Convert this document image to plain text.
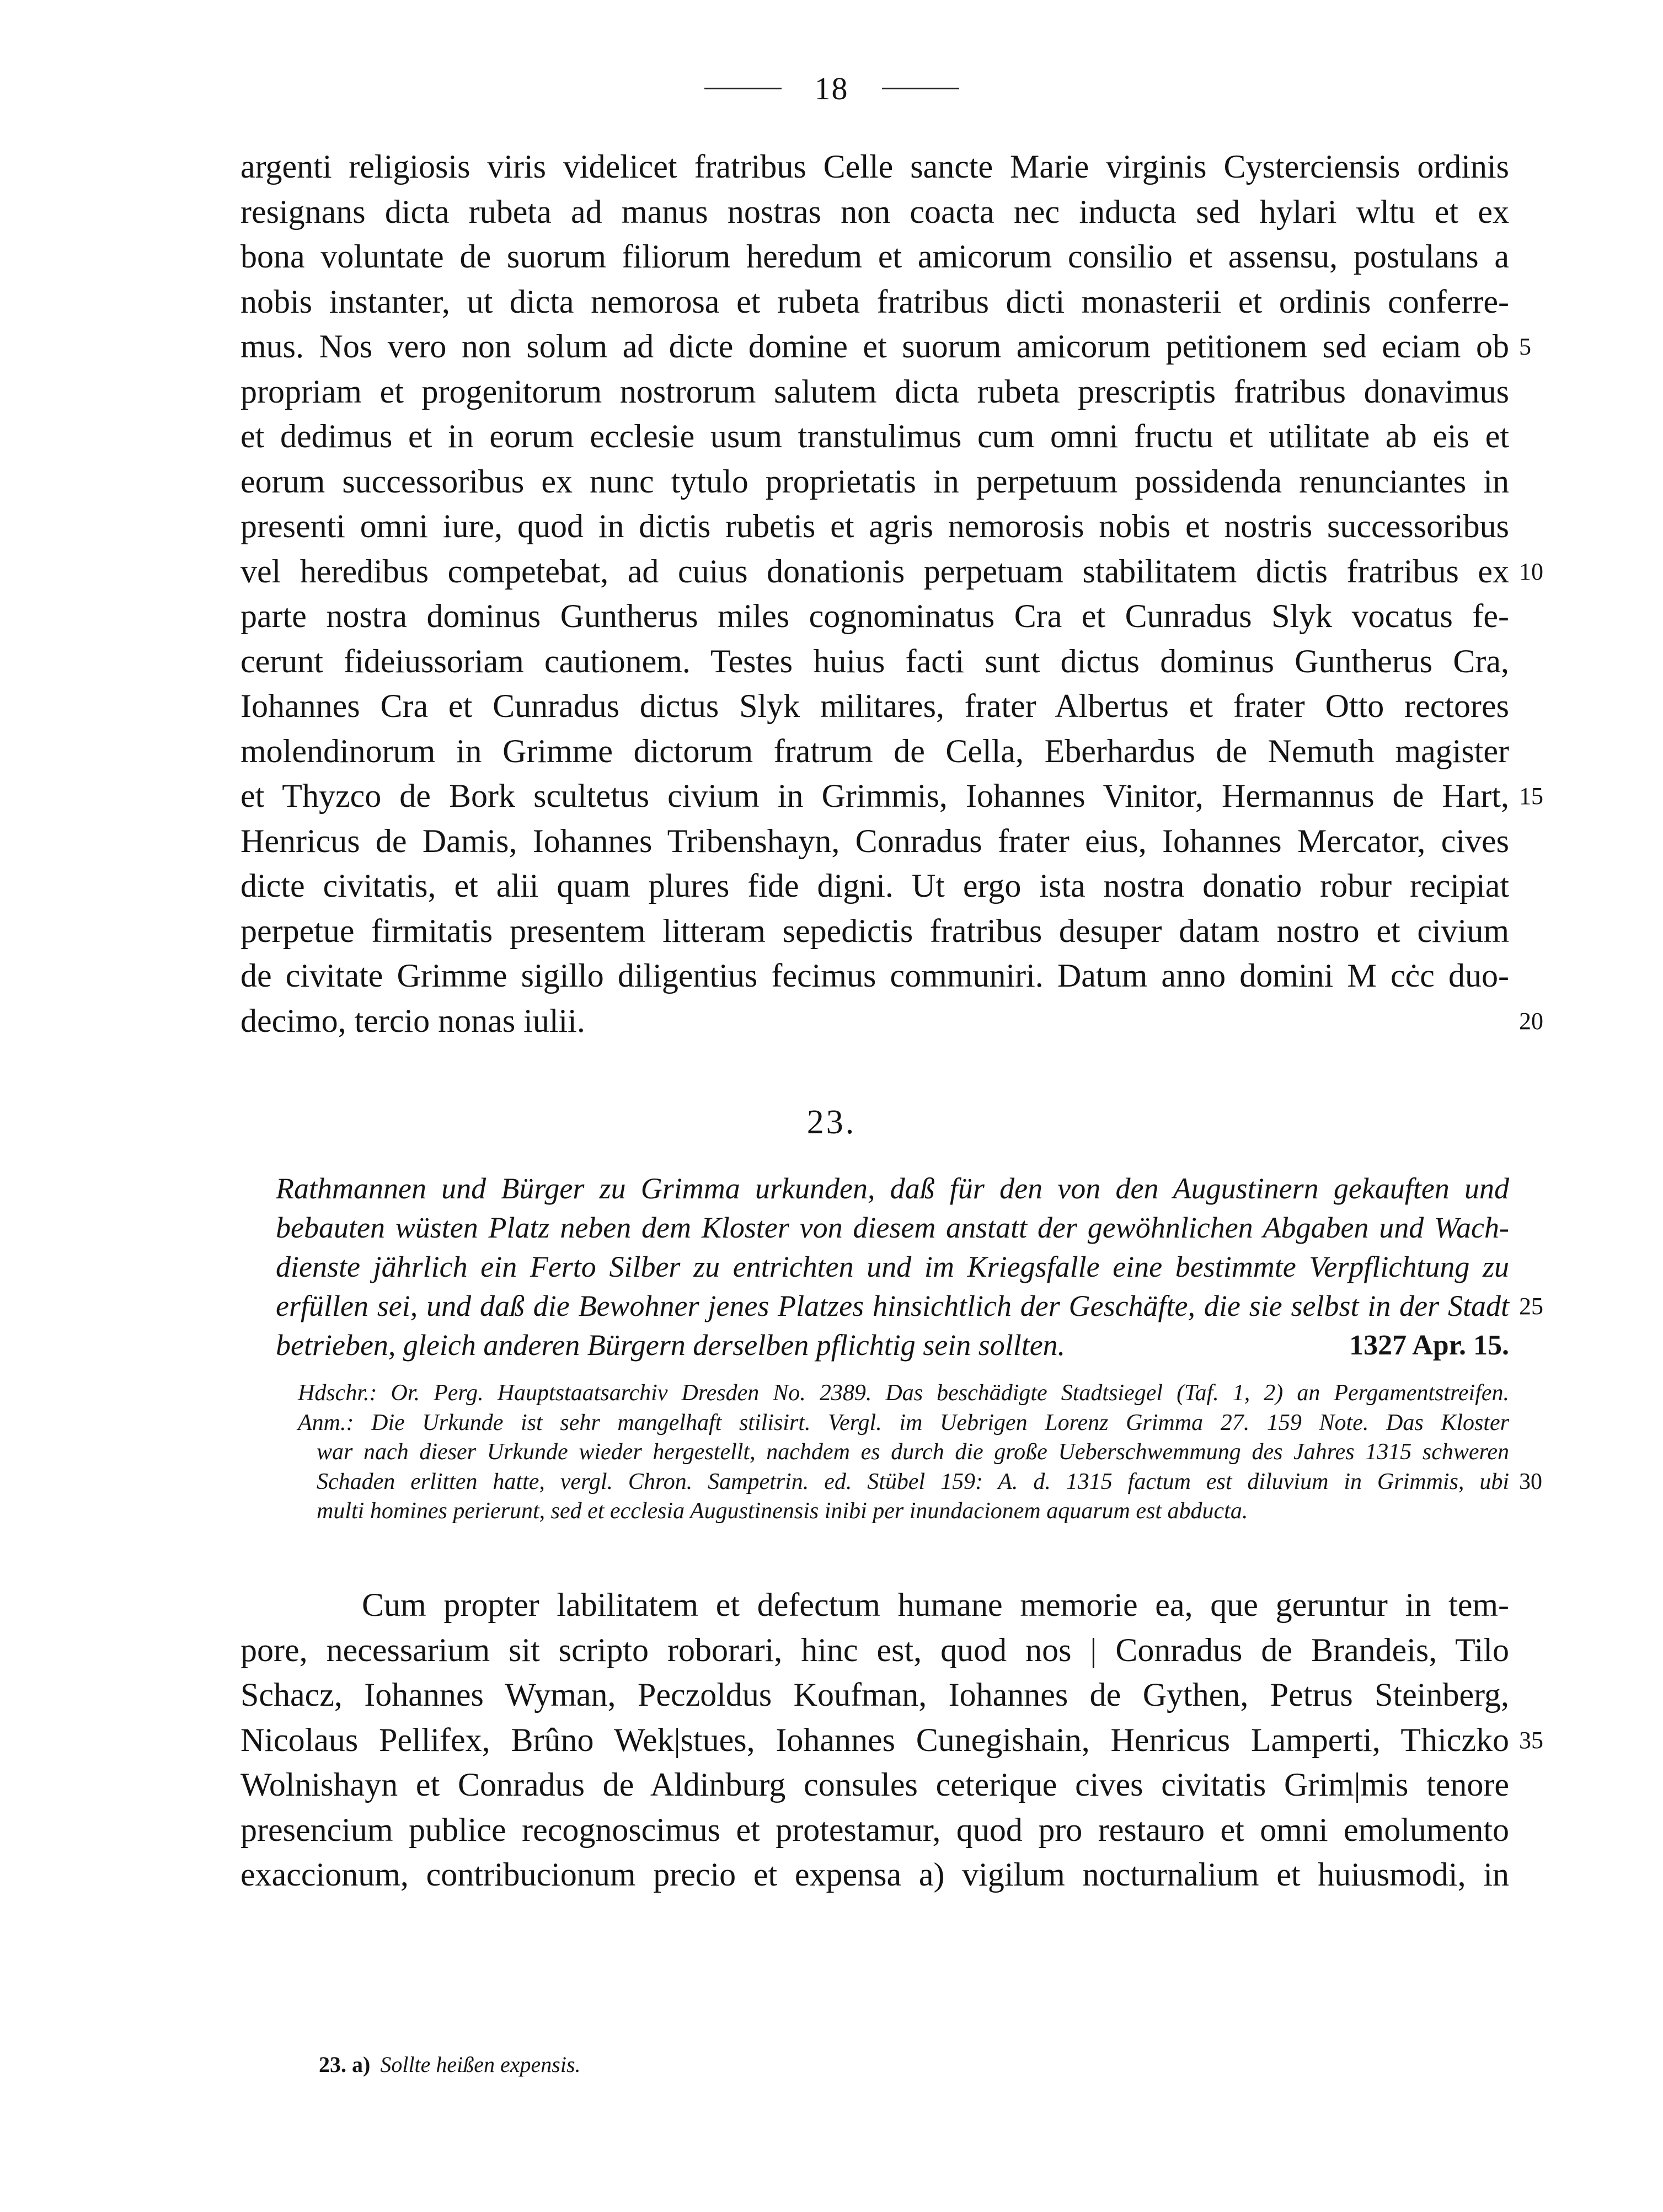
18
argenti religiosis viris videlicet fratribus Celle sancte Marie virginis Cysterciensis ordinis
resignans dicta rubeta ad manus nostras non coacta nec inducta sed hylari wltu et ex
bona voluntate de suorum filiorum heredum et amicorum consilio et assensu, postulans a
nobis instanter, ut dicta nemorosa et rubeta fratribus dicti monasterii et ordinis conferre-
mus. Nos vero non solum ad dicte domine et suorum amicorum petitionem sed eciam ob 5
propriam et progenitorum nostrorum salutem dicta rubeta prescriptis fratribus donavimus
et dedimus et in eorum ecclesie usum transtulimus cum omni fructu et utilitate ab eis et
eorum successoribus ex nunc tytulo proprietatis in perpetuum possidenda renunciantes in
presenti omni iure, quod in dictis rubetis et agris nemorosis nobis et nostris successoribus
vel heredibus competebat, ad cuius donationis perpetuam stabilitatem dictis fratribus ex 10
parte nostra dominus Guntherus miles cognominatus Cra et Cunradus Slyk vocatus fe-
cerunt fideiussoriam cautionem. Testes huius facti sunt dictus dominus Guntherus Cra,
Iohannes Cra et Cunradus dictus Slyk militares, frater Albertus et frater Otto rectores
molendinorum in Grimme dictorum fratrum de Cella, Eberhardus de Nemuth magister
et Thyzco de Bork scultetus civium in Grimmis, Iohannes Vinitor, Hermannus de Hart, 15
Henricus de Damis, Iohannes Tribenshayn, Conradus frater eius, Iohannes Mercator, cives
dicte civitatis, et alii quam plures fide digni. Ut ergo ista nostra donatio robur recipiat
perpetue firmitatis presentem litteram sepedictis fratribus desuper datam nostro et civium
de civitate Grimme sigillo diligentius fecimus communiri. Datum anno domini M cċc duo-
decimo, tercio nonas iulii.	20
23.
Rathmannen und Bürger zu Grimma urkunden, daß für den von den Augustinern gekauften und
bebauten wüsten Platz neben dem Kloster von diesem anstatt der gewöhnlichen Abgaben und Wach-
dienste jährlich ein Ferto Silber zu entrichten und im Kriegsfalle eine bestimmte Verpflichtung zu
erfüllen sei, und daß die Bewohner jenes Platzes hinsichtlich der Geschäfte, die sie selbst in der Stadt 25
betrieben, gleich anderen Bürgern derselben pflichtig sein sollten.	1327 Apr. 15.
Hdschr.: Or. Perg. Hauptstaatsarchiv Dresden No. 2389. Das beschädigte Stadtsiegel (Taf. 1, 2) an Pergamentstreifen.
Anm.: Die Urkunde ist sehr mangelhaft stilisirt. Vergl. im Uebrigen Lorenz Grimma 27. 159 Note. Das Kloster
war nach dieser Urkunde wieder hergestellt, nachdem es durch die große Ueberschwemmung des Jahres 1315 schweren
Schaden erlitten hatte, vergl. Chron. Sampetrin. ed. Stübel 159: A. d. 1315 factum est diluvium in Grimmis, ubi 30
multi homines perierunt, sed et ecclesia Augustinensis inibi per inundacionem aquarum est abducta.
Cum propter labilitatem et defectum humane memorie ea, que geruntur in tem-
pore, necessarium sit scripto roborari, hinc est, quod nos | Conradus de Brandeis, Tilo
Schacz, Iohannes Wyman, Peczoldus Koufman, Iohannes de Gythen, Petrus Steinberg,
Nicolaus Pellifex, Brûno Wek|stues, Iohannes Cunegishain, Henricus Lamperti, Thiczko 35
Wolnishayn et Conradus de Aldinburg consules ceterique cives civitatis Grim|mis tenore
presencium publice recognoscimus et protestamur, quod pro restauro et omni emolumento
exaccionum, contribucionum precio et expensa a) vigilum nocturnalium et huiusmodi, in
23. a) Sollte heißen expensis.
